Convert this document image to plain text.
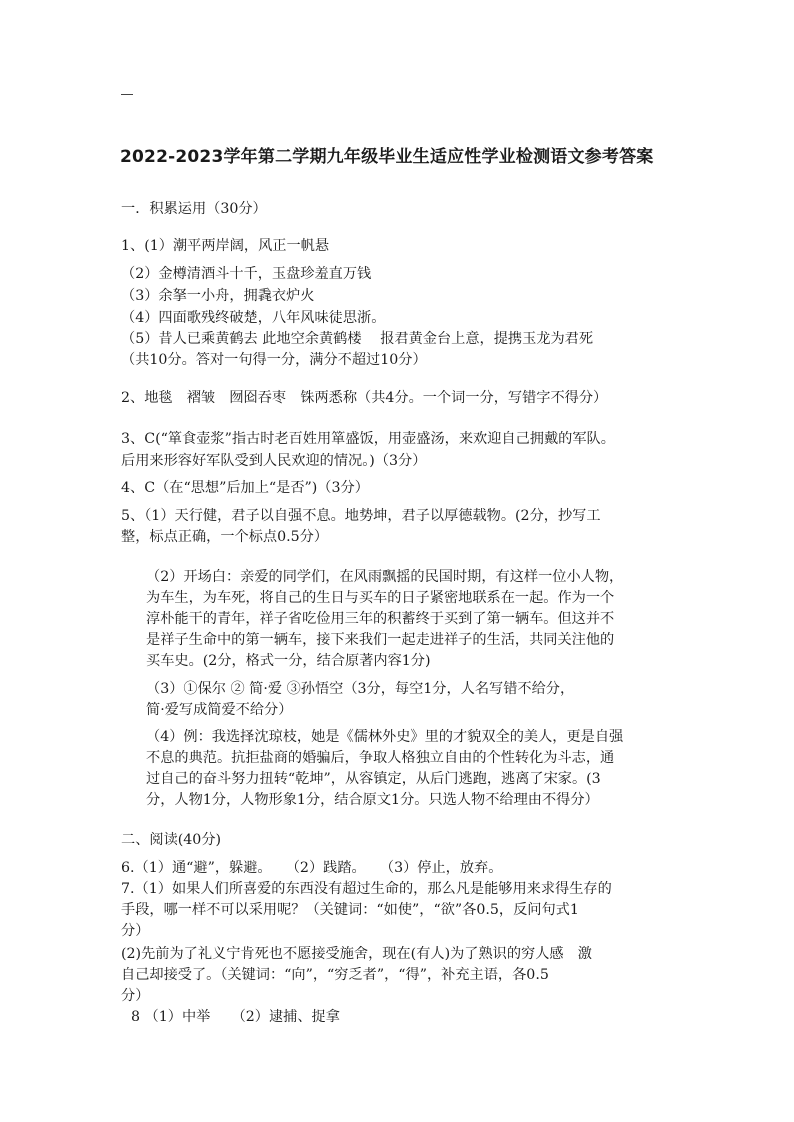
2022-2023学年第二学期九年级毕业生适应性学业检测语文参考答案
一．积累运用（30分）
1、(1）潮平两岸阔，风正一帆悬
（2）金樽清酒斗十千，玉盘珍羞直万钱
（3）余拏一小舟，拥毳衣炉火
（4）四面歌残终破楚，八年风味徒思浙。
（5）昔人已乘黄鹤去 此地空余黄鹤楼　 报君黄金台上意，提携玉龙为君死
（共10分。答对一句得一分，满分不超过10分）
2、地毯　褶皱　囫囵吞枣　铢两悉称（共4分。一个词一分，写错字不得分）
3、C(“箪食壶浆”指古时老百姓用箪盛饭，用壶盛汤，来欢迎自己拥戴的军队。
后用来形容好军队受到人民欢迎的情况。)（3分）
4、C（在“思想”后加上“是否”)（3分）
5、（1）天行健，君子以自强不息。地势坤，君子以厚德载物。(2分，抄写工
整，标点正确，一个标点0.5分）
（2）开场白：亲爱的同学们，在风雨飘摇的民国时期，有这样一位小人物，
为车生，为车死，将自己的生日与买车的日子紧密地联系在一起。作为一个
淳朴能干的青年，祥子省吃俭用三年的积蓄终于买到了第一辆车。但这并不
是祥子生命中的第一辆车，接下来我们一起走进祥子的生活，共同关注他的
买车史。(2分，格式一分，结合原著内容1分)
（3）①保尔 ② 简·爱 ③孙悟空（3分，每空1分，人名写错不给分，
简·爱写成简爱不给分）
（4）例：我选择沈琼枝，她是《儒林外史》里的才貌双全的美人，更是自强
不息的典范。抗拒盐商的婚骗后，争取人格独立自由的个性转化为斗志，通
过自己的奋斗努力扭转“乾坤”，从容镇定，从后门逃跑，逃离了宋家。(3
分，人物1分，人物形象1分，结合原文1分。只选人物不给理由不得分）
二、阅读(40分)
6.（1）通“避”，躲避。　　（2）践踏。　　（3）停止，放弃。
7.（1）如果人们所喜爱的东西没有超过生命的，那么凡是能够用来求得生存的
手段，哪一样不可以采用呢？（关键词：“如使”，“欲”各0.5，反问句式1
分）
(2)先前为了礼义宁肯死也不愿接受施舍，现在(有人)为了熟识的穷人感　激
自己却接受了。（关键词：“向”，“穷乏者”，“得”，补充主语，各0.5
分）
8 （1）中举　　（2）逮捕、捉拿
